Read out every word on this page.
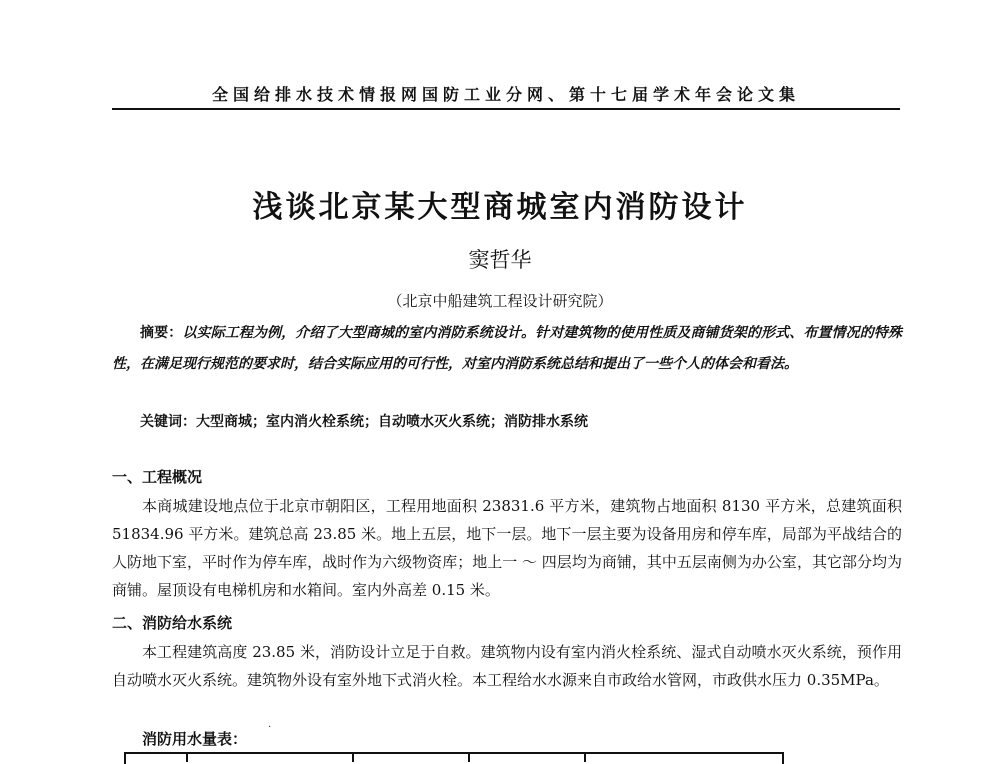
全国给排水技术情报网国防工业分网、第十七届学术年会论文集
浅谈北京某大型商城室内消防设计
窦哲华
（北京中船建筑工程设计研究院）

摘要：以实际工程为例，介绍了大型商城的室内消防系统设计。针对建筑物的使用性质及商铺货架的形式、布置情况的特殊性，在满足现行规范的要求时，结合实际应用的可行性，对室内消防系统总结和提出了一些个人的体会和看法。

关键词：大型商城；室内消火栓系统；自动喷水灭火系统；消防排水系统

一、工程概况

本商城建设地点位于北京市朝阳区，工程用地面积 23831.6 平方米，建筑物占地面积 8130 平方米，总建筑面积 51834.96 平方米。建筑总高 23.85 米。地上五层，地下一层。地下一层主要为设备用房和停车库，局部为平战结合的人防地下室，平时作为停车库，战时作为六级物资库；地上一 ～ 四层均为商铺，其中五层南侧为办公室，其它部分均为商铺。屋顶设有电梯机房和水箱间。室内外高差 0.15 米。

二、消防给水系统

本工程建筑高度 23.85 米，消防设计立足于自救。建筑物内设有室内消火栓系统、湿式自动喷水灭火系统，预作用自动喷水灭火系统。建筑物外设有室外地下式消火栓。本工程给水水源来自市政给水管网，市政供水压力 0.35MPa。

·
消防用水量表：
